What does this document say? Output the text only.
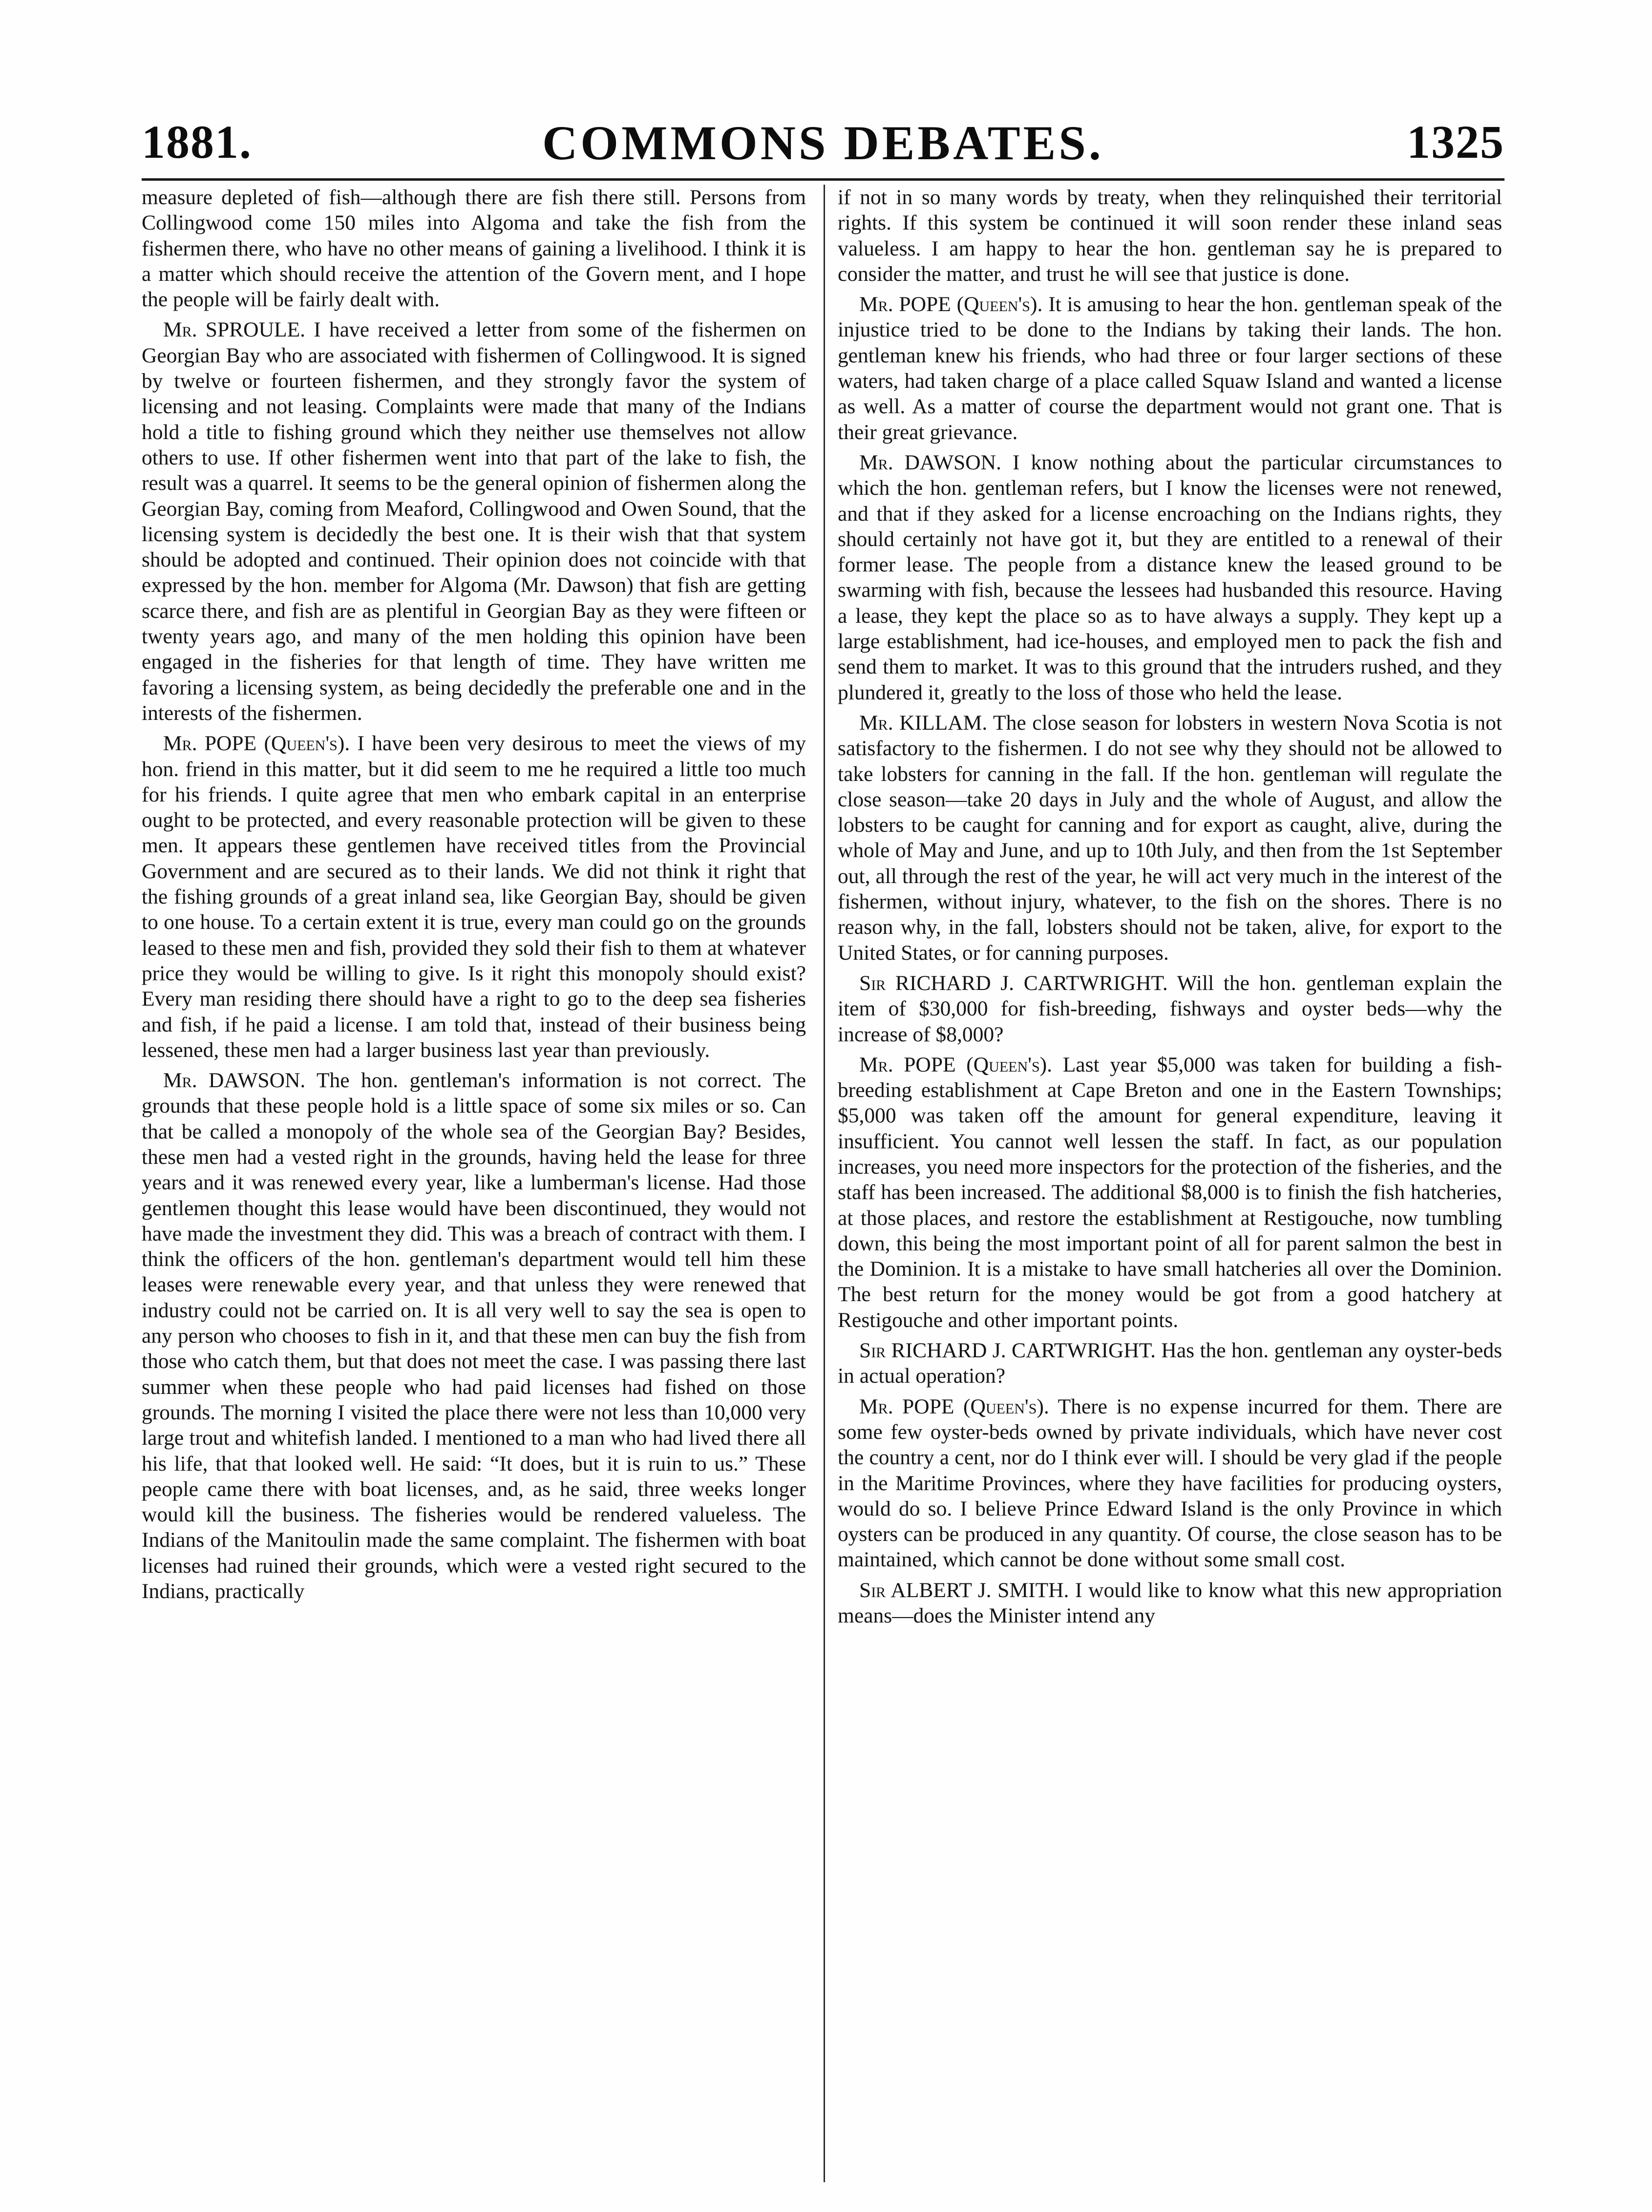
1881.	COMMONS DEBATES.	1325

measure depleted of fish—although there are fish there still. Persons from Collingwood come 150 miles into Algoma and take the fish from the fishermen there, who have no other means of gaining a livelihood. I think it is a matter which should receive the attention of the Govern ment, and I hope the people will be fairly dealt with.

Mr. SPROULE. I have received a letter from some of the fishermen on Georgian Bay who are associated with fishermen of Collingwood. It is signed by twelve or fourteen fishermen, and they strongly favor the system of licensing and not leasing. Complaints were made that many of the Indians hold a title to fishing ground which they neither use themselves not allow others to use. If other fishermen went into that part of the lake to fish, the result was a quarrel. It seems to be the general opinion of fishermen along the Georgian Bay, coming from Meaford, Collingwood and Owen Sound, that the licensing system is decidedly the best one. It is their wish that that system should be adopted and continued. Their opinion does not coincide with that expressed by the hon. member for Algoma (Mr. Dawson) that fish are getting scarce there, and fish are as plentiful in Georgian Bay as they were fifteen or twenty years ago, and many of the men holding this opinion have been engaged in the fisheries for that length of time. They have written me favoring a licensing system, as being decidedly the preferable one and in the interests of the fishermen.

Mr. POPE (Queen's). I have been very desirous to meet the views of my hon. friend in this matter, but it did seem to me he required a little too much for his friends. I quite agree that men who embark capital in an enterprise ought to be protected, and every reasonable protection will be given to these men. It appears these gentlemen have received titles from the Provincial Government and are secured as to their lands. We did not think it right that the fishing grounds of a great inland sea, like Georgian Bay, should be given to one house. To a certain extent it is true, every man could go on the grounds leased to these men and fish, provided they sold their fish to them at whatever price they would be willing to give. Is it right this monopoly should exist? Every man residing there should have a right to go to the deep sea fisheries and fish, if he paid a license. I am told that, instead of their business being lessened, these men had a larger business last year than previously.

Mr. DAWSON. The hon. gentleman's information is not correct. The grounds that these people hold is a little space of some six miles or so. Can that be called a monopoly of the whole sea of the Georgian Bay? Besides, these men had a vested right in the grounds, having held the lease for three years and it was renewed every year, like a lumberman's license. Had those gentlemen thought this lease would have been discontinued, they would not have made the investment they did. This was a breach of contract with them. I think the officers of the hon. gentleman's department would tell him these leases were renewable every year, and that unless they were renewed that industry could not be carried on. It is all very well to say the sea is open to any person who chooses to fish in it, and that these men can buy the fish from those who catch them, but that does not meet the case. I was passing there last summer when these people who had paid licenses had fished on those grounds. The morning I visited the place there were not less than 10,000 very large trout and whitefish landed. I mentioned to a man who had lived there all his life, that that looked well. He said: “It does, but it is ruin to us.” These people came there with boat licenses, and, as he said, three weeks longer would kill the business. The fisheries would be rendered valueless. The Indians of the Manitoulin made the same complaint. The fishermen with boat licenses had ruined their grounds, which were a vested right secured to the Indians, practically

if not in so many words by treaty, when they relinquished their territorial rights. If this system be continued it will soon render these inland seas valueless. I am happy to hear the hon. gentleman say he is prepared to consider the matter, and trust he will see that justice is done.

Mr. POPE (Queen's). It is amusing to hear the hon. gentleman speak of the injustice tried to be done to the Indians by taking their lands. The hon. gentleman knew his friends, who had three or four larger sections of these waters, had taken charge of a place called Squaw Island and wanted a license as well. As a matter of course the department would not grant one. That is their great grievance.

Mr. DAWSON. I know nothing about the particular circumstances to which the hon. gentleman refers, but I know the licenses were not renewed, and that if they asked for a license encroaching on the Indians rights, they should certainly not have got it, but they are entitled to a renewal of their former lease. The people from a distance knew the leased ground to be swarming with fish, because the lessees had husbanded this resource. Having a lease, they kept the place so as to have always a supply. They kept up a large establishment, had ice-houses, and employed men to pack the fish and send them to market. It was to this ground that the intruders rushed, and they plundered it, greatly to the loss of those who held the lease.

Mr. KILLAM. The close season for lobsters in western Nova Scotia is not satisfactory to the fishermen. I do not see why they should not be allowed to take lobsters for canning in the fall. If the hon. gentleman will regulate the close season—take 20 days in July and the whole of August, and allow the lobsters to be caught for canning and for export as caught, alive, during the whole of May and June, and up to 10th July, and then from the 1st September out, all through the rest of the year, he will act very much in the interest of the fishermen, without injury, whatever, to the fish on the shores. There is no reason why, in the fall, lobsters should not be taken, alive, for export to the United States, or for canning purposes.

Sir RICHARD J. CARTWRIGHT. Will the hon. gentleman explain the item of $30,000 for fish-breeding, fishways and oyster beds—why the increase of $8,000?

Mr. POPE (Queen's). Last year $5,000 was taken for building a fish-breeding establishment at Cape Breton and one in the Eastern Townships; $5,000 was taken off the amount for general expenditure, leaving it insufficient. You cannot well lessen the staff. In fact, as our population increases, you need more inspectors for the protection of the fisheries, and the staff has been increased. The additional $8,000 is to finish the fish hatcheries, at those places, and restore the establishment at Restigouche, now tumbling down, this being the most important point of all for parent salmon the best in the Dominion. It is a mistake to have small hatcheries all over the Dominion. The best return for the money would be got from a good hatchery at Restigouche and other important points.

Sir RICHARD J. CARTWRIGHT. Has the hon. gentleman any oyster-beds in actual operation?

Mr. POPE (Queen's). There is no expense incurred for them. There are some few oyster-beds owned by private individuals, which have never cost the country a cent, nor do I think ever will. I should be very glad if the people in the Maritime Provinces, where they have facilities for producing oysters, would do so. I believe Prince Edward Island is the only Province in which oysters can be produced in any quantity. Of course, the close season has to be maintained, which cannot be done without some small cost.

Sir ALBERT J. SMITH. I would like to know what this new appropriation means—does the Minister intend any
